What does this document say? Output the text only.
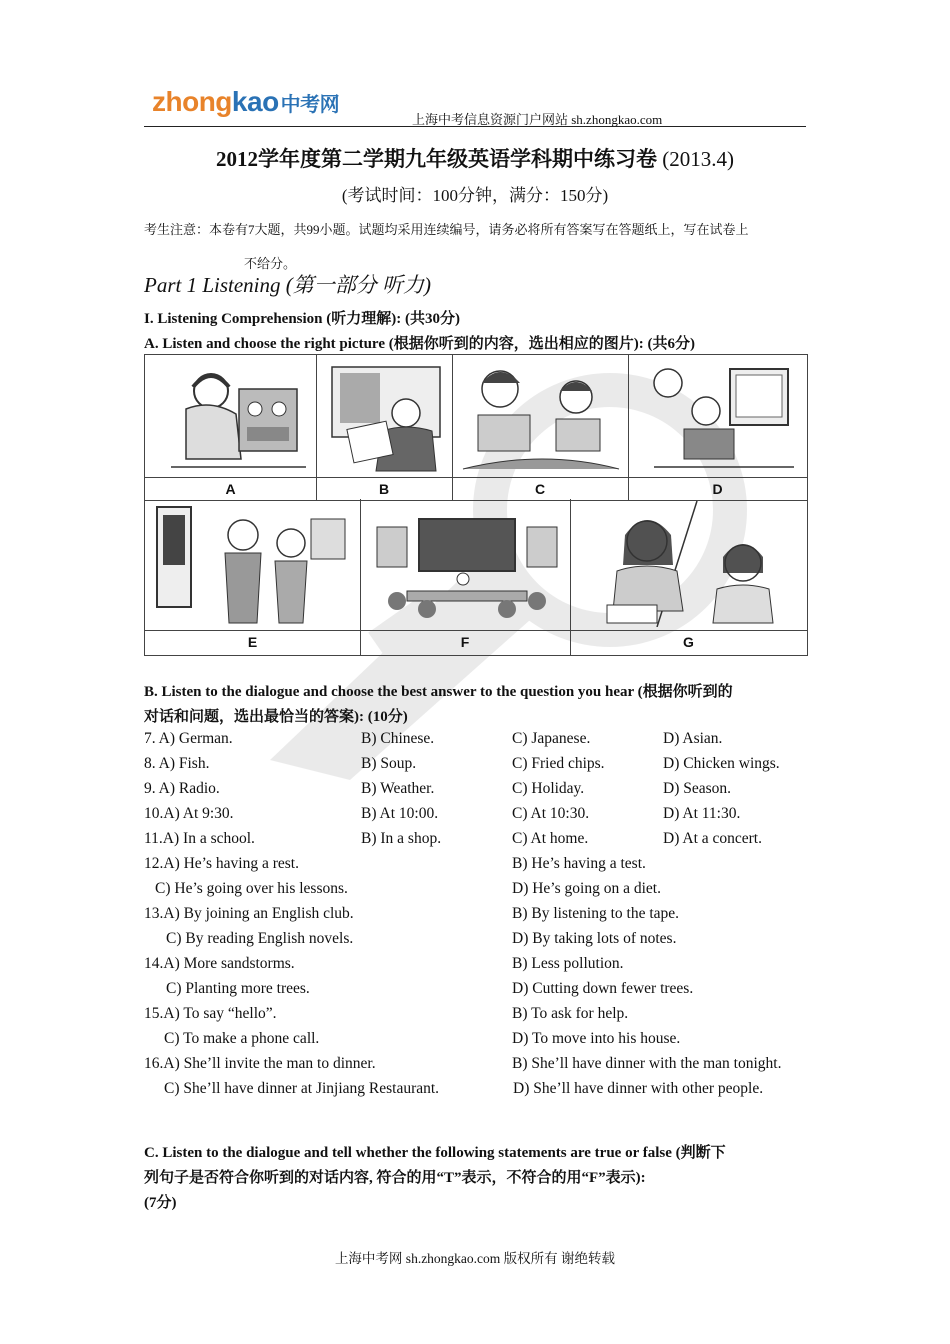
zhongkao 中考网
上海中考信息资源门户网站 sh.zhongkao.com
2012学年度第二学期九年级英语学科期中练习卷 (2013.4)
(考试时间：100分钟，满分：150分)
考生注意：本卷有7大题，共99小题。试题均采用连续编号，请务必将所有答案写在答题纸上，写在试卷上
不给分。
Part 1 Listening (第一部分 听力)
I. Listening Comprehension (听力理解): (共30分)
A. Listen and choose the right picture (根据你听到的内容，选出相应的图片): (共6分)
A	B	C	D
E	F	G
B. Listen to the dialogue and choose the best answer to the question you hear (根据你听到的
对话和问题，选出最恰当的答案): (10分)
7. A) German.	B) Chinese.	C) Japanese.	D) Asian.
8. A) Fish.	B) Soup.	C) Fried chips.	D) Chicken wings.
9. A) Radio.	B) Weather.	C) Holiday.	D) Season.
10.A) At 9:30.	B) At 10:00.	C) At 10:30.	D) At 11:30.
11.A) In a school.	B) In a shop.	C) At home.	D) At a concert.
12.A) He’s having a rest.	B) He’s having a test.
C) He’s going over his lessons.	D) He’s going on a diet.
13.A) By joining an English club.	B) By listening to the tape.
C) By reading English novels.	D) By taking lots of notes.
14.A) More sandstorms.	B) Less pollution.
C) Planting more trees.	D) Cutting down fewer trees.
15.A) To say “hello”.	B) To ask for help.
C) To make a phone call.	D) To move into his house.
16.A) She’ll invite the man to dinner.	B) She’ll have dinner with the man tonight.
C) She’ll have dinner at Jinjiang Restaurant.	D) She’ll have dinner with other people.
C. Listen to the dialogue and tell whether the following statements are true or false (判断下
列句子是否符合你听到的对话内容, 符合的用“T”表示，不符合的用“F”表示):
(7分)
上海中考网 sh.zhongkao.com 版权所有 谢绝转载
